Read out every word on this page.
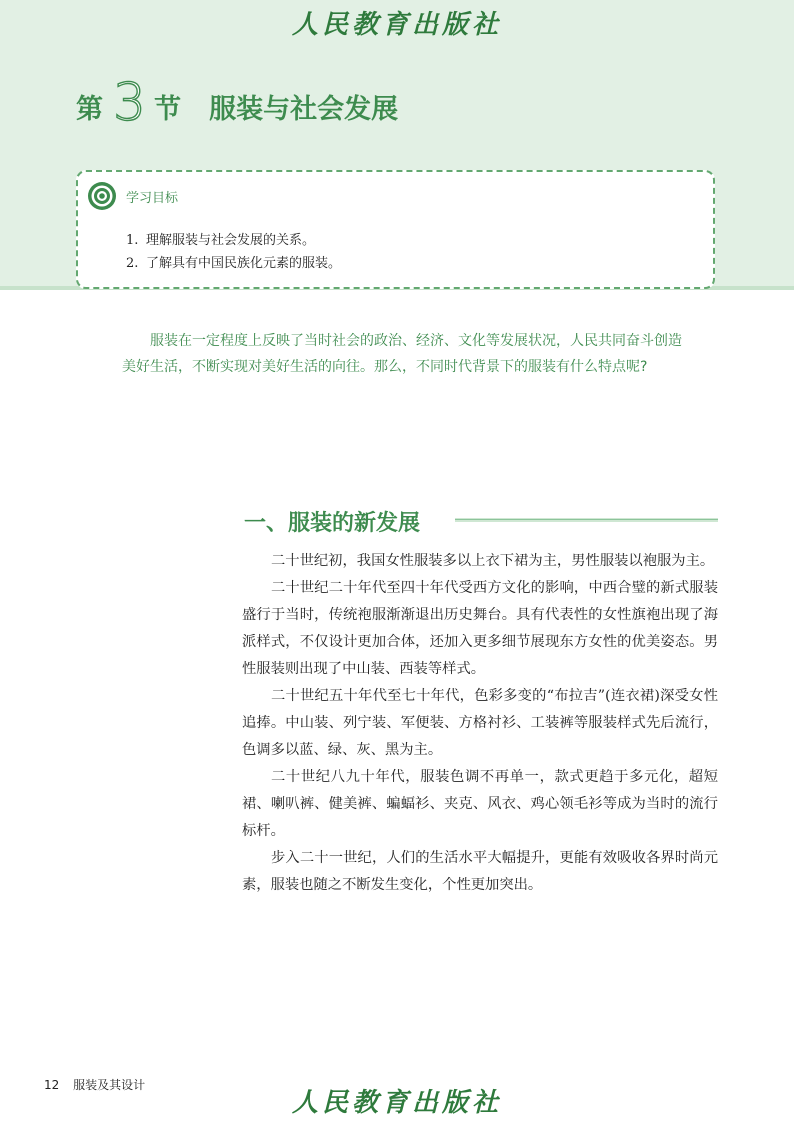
人民教育出版社
第 3 节 服装与社会发展
学习目标
1. 理解服装与社会发展的关系。
2. 了解具有中国民族化元素的服装。

服装在一定程度上反映了当时社会的政治、经济、文化等发展状况，人民共同奋斗创造美好生活，不断实现对美好生活的向往。那么，不同时代背景下的服装有什么特点呢?

一、服装的新发展

二十世纪初，我国女性服装多以上衣下裙为主，男性服装以袍服为主。

二十世纪二十年代至四十年代受西方文化的影响，中西合璧的新式服装盛行于当时，传统袍服渐渐退出历史舞台。具有代表性的女性旗袍出现了海派样式，不仅设计更加合体，还加入更多细节展现东方女性的优美姿态。男性服装则出现了中山装、西装等样式。

二十世纪五十年代至七十年代，色彩多变的“布拉吉”(连衣裙)深受女性追捧。中山装、列宁装、军便装、方格衬衫、工装裤等服装样式先后流行，色调多以蓝、绿、灰、黑为主。

二十世纪八九十年代，服装色调不再单一，款式更趋于多元化，超短裙、喇叭裤、健美裤、蝙蝠衫、夹克、风衣、鸡心领毛衫等成为当时的流行标杆。

步入二十一世纪，人们的生活水平大幅提升，更能有效吸收各界时尚元素，服装也随之不断发生变化，个性更加突出。

12 服装及其设计
人民教育出版社
